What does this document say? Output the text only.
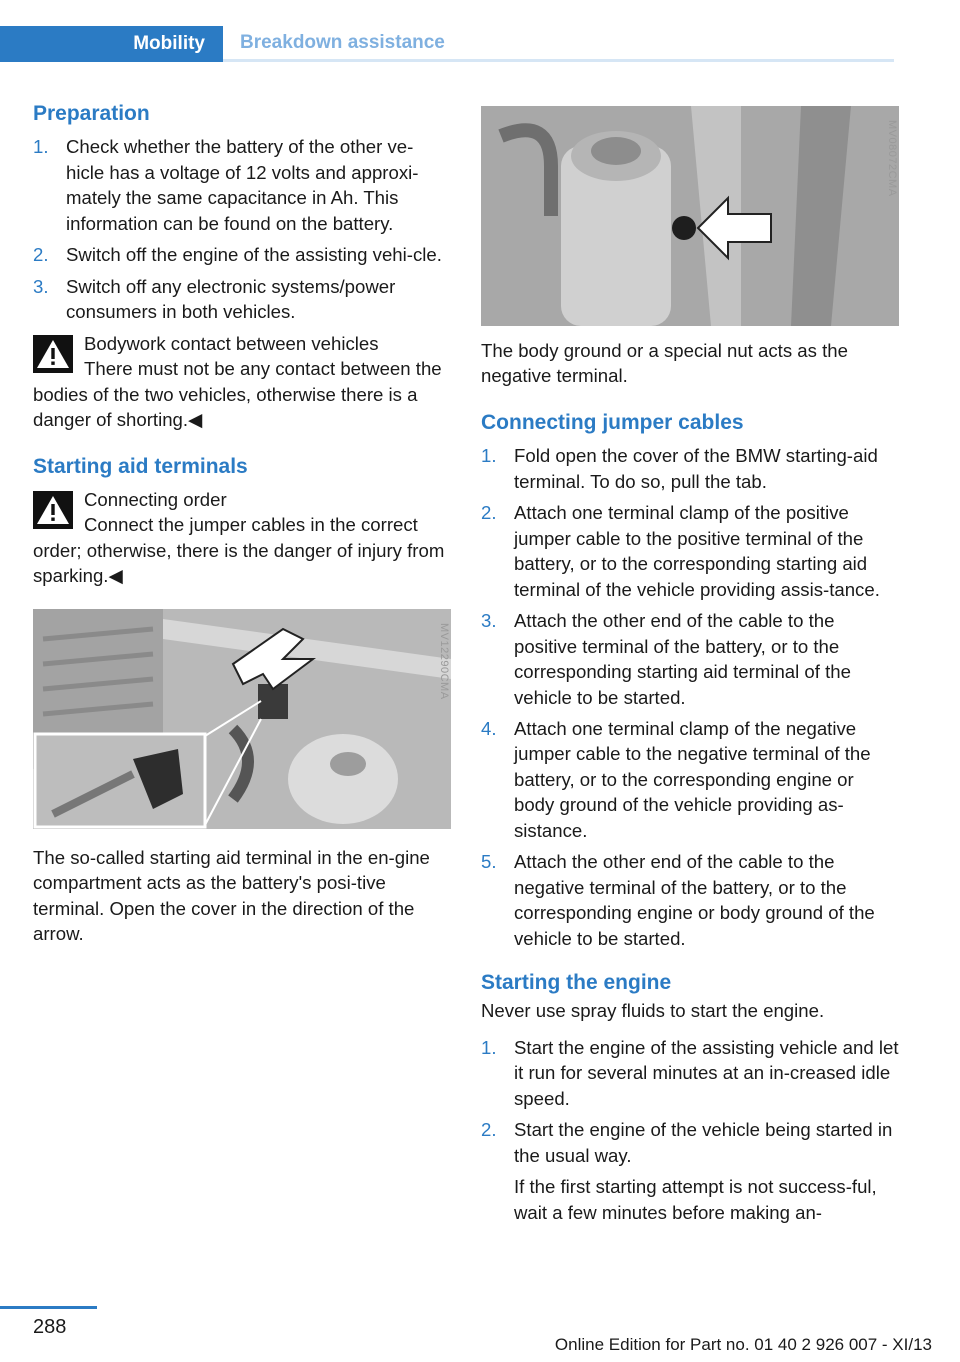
Mobility Breakdown assistance
Preparation
1. Check whether the battery of the other ve‐hicle has a voltage of 12 volts and approxi‐mately the same capacitance in Ah. This information can be found on the battery.
2. Switch off the engine of the assisting vehi‐cle.
3. Switch off any electronic systems/power consumers in both vehicles.
Bodywork contact between vehicles
There must not be any contact between the bodies of the two vehicles, otherwise there is a danger of shorting.◀
Starting aid terminals
Connecting order
Connect the jumper cables in the correct order; otherwise, there is the danger of injury from sparking.◀
MV12290CMA

The so-called starting aid terminal in the en‐gine compartment acts as the battery's posi‐tive terminal. Open the cover in the direction of the arrow.

MV08072CMA

The body ground or a special nut acts as the negative terminal.

Connecting jumper cables
1. Fold open the cover of the BMW starting-aid terminal. To do so, pull the tab.
2. Attach one terminal clamp of the positive jumper cable to the positive terminal of the battery, or to the corresponding starting aid terminal of the vehicle providing assis‐tance.
3. Attach the other end of the cable to the positive terminal of the battery, or to the corresponding starting aid terminal of the vehicle to be started.
4. Attach one terminal clamp of the negative jumper cable to the negative terminal of the battery, or to the corresponding engine or body ground of the vehicle providing as‐sistance.
5. Attach the other end of the cable to the negative terminal of the battery, or to the corresponding engine or body ground of the vehicle to be started.
Starting the engine

Never use spray fluids to start the engine.

1. Start the engine of the assisting vehicle and let it run for several minutes at an in‐creased idle speed.
2. Start the engine of the vehicle being started in the usual way.

If the first starting attempt is not success‐ful, wait a few minutes before making an‐

288
Online Edition for Part no. 01 40 2 926 007 - XI/13
